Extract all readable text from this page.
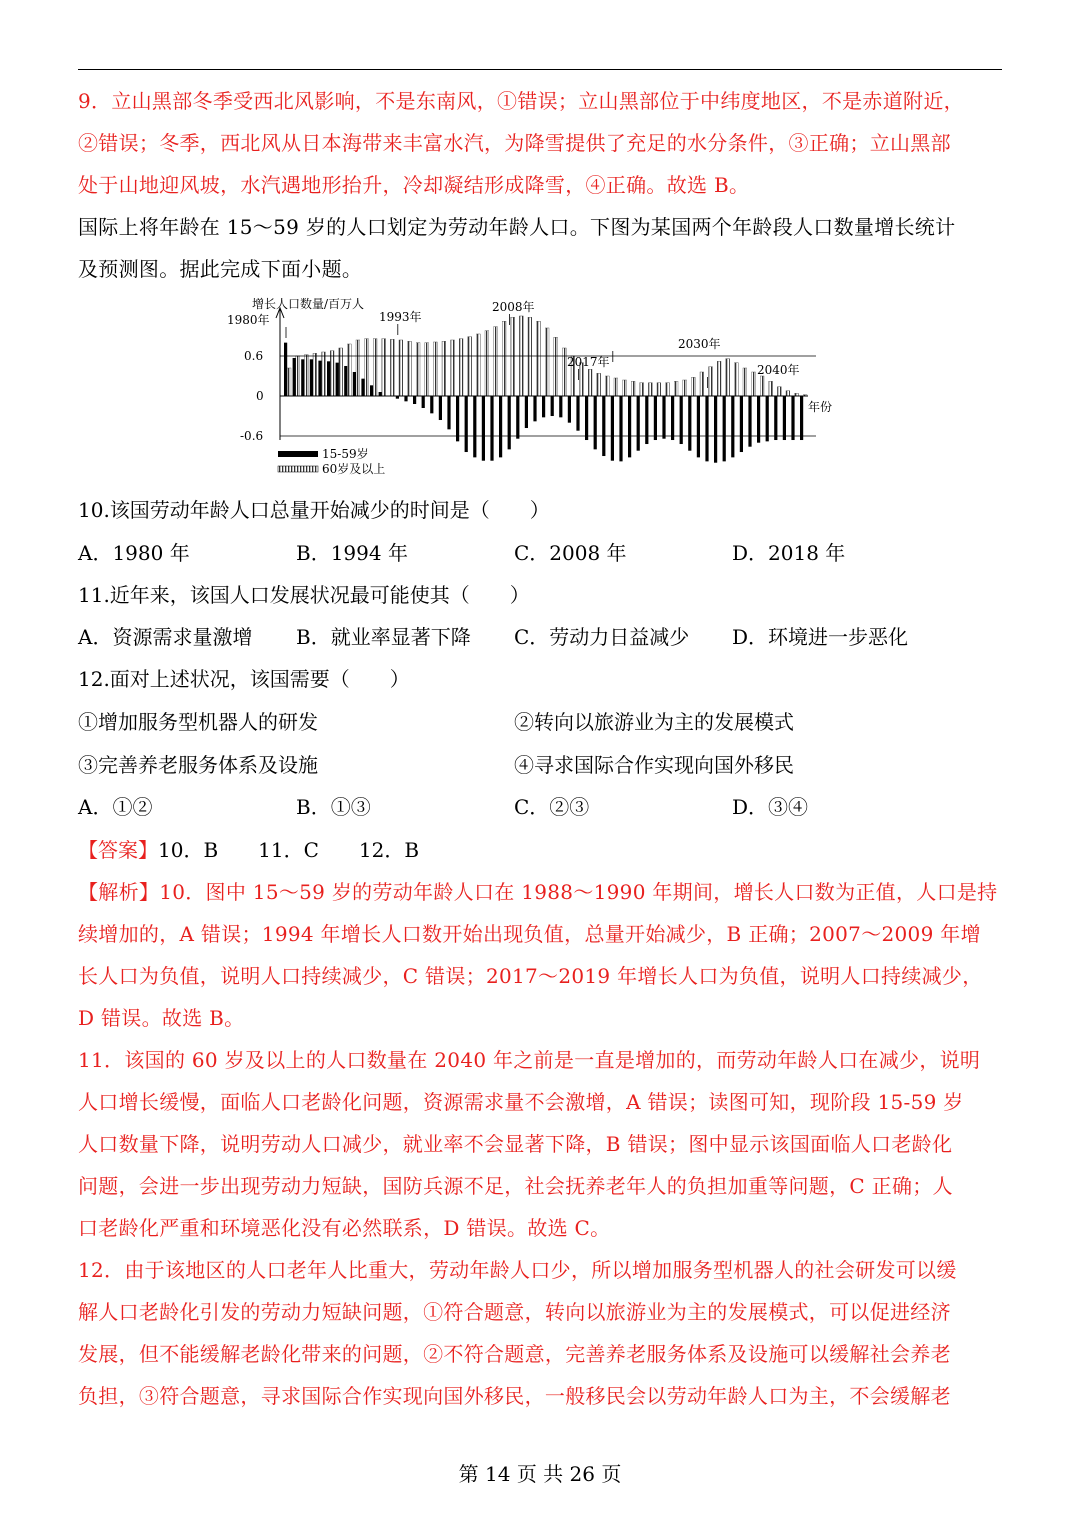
9．立山黑部冬季受西北风影响，不是东南风，①错误；立山黑部位于中纬度地区，不是赤道附近，
②错误；冬季，西北风从日本海带来丰富水汽，为降雪提供了充足的水分条件，③正确；立山黑部
处于山地迎风坡，水汽遇地形抬升，冷却凝结形成降雪，④正确。故选 B。
国际上将年龄在 15～59 岁的人口划定为劳动年龄人口。下图为某国两个年龄段人口数量增长统计
及预测图。据此完成下面小题。
增长人口数量/百万人
0.6
0
-0.6
年份
1980年	1993年
2008年
2017年
2030年
2040年
15-59岁
60岁及以上
10.该国劳动年龄人口总量开始减少的时间是（　　）
A．1980 年	B．1994 年	C．2008 年	D．2018 年
11.近年来，该国人口发展状况最可能使其（　　）
A．资源需求量激增 B．就业率显著下降 C．劳动力日益减少 D．环境进一步恶化
12.面对上述状况，该国需要（　　）
①增加服务型机器人的研发	②转向以旅游业为主的发展模式
③完善养老服务体系及设施	④寻求国际合作实现向国外移民
A．①②	B．①③	C．②③	D．③④
【答案】10．B　　11．C　　12．B
【解析】10．图中 15～59 岁的劳动年龄人口在 1988～1990 年期间，增长人口数为正值，人口是持
续增加的，A 错误；1994 年增长人口数开始出现负值，总量开始减少，B 正确；2007～2009 年增
长人口为负值，说明人口持续减少，C 错误；2017～2019 年增长人口为负值，说明人口持续减少，
D 错误。故选 B。
11．该国的 60 岁及以上的人口数量在 2040 年之前是一直是增加的，而劳动年龄人口在减少，说明
人口增长缓慢，面临人口老龄化问题，资源需求量不会激增，A 错误；读图可知，现阶段 15-59 岁
人口数量下降，说明劳动人口减少，就业率不会显著下降，B 错误；图中显示该国面临人口老龄化
问题，会进一步出现劳动力短缺，国防兵源不足，社会抚养老年人的负担加重等问题，C 正确；人
口老龄化严重和环境恶化没有必然联系，D 错误。故选 C。
12．由于该地区的人口老年人比重大，劳动年龄人口少，所以增加服务型机器人的社会研发可以缓
解人口老龄化引发的劳动力短缺问题，①符合题意，转向以旅游业为主的发展模式，可以促进经济
发展，但不能缓解老龄化带来的问题，②不符合题意，完善养老服务体系及设施可以缓解社会养老
负担，③符合题意，寻求国际合作实现向国外移民，一般移民会以劳动年龄人口为主，不会缓解老
第 14 页 共 26 页
